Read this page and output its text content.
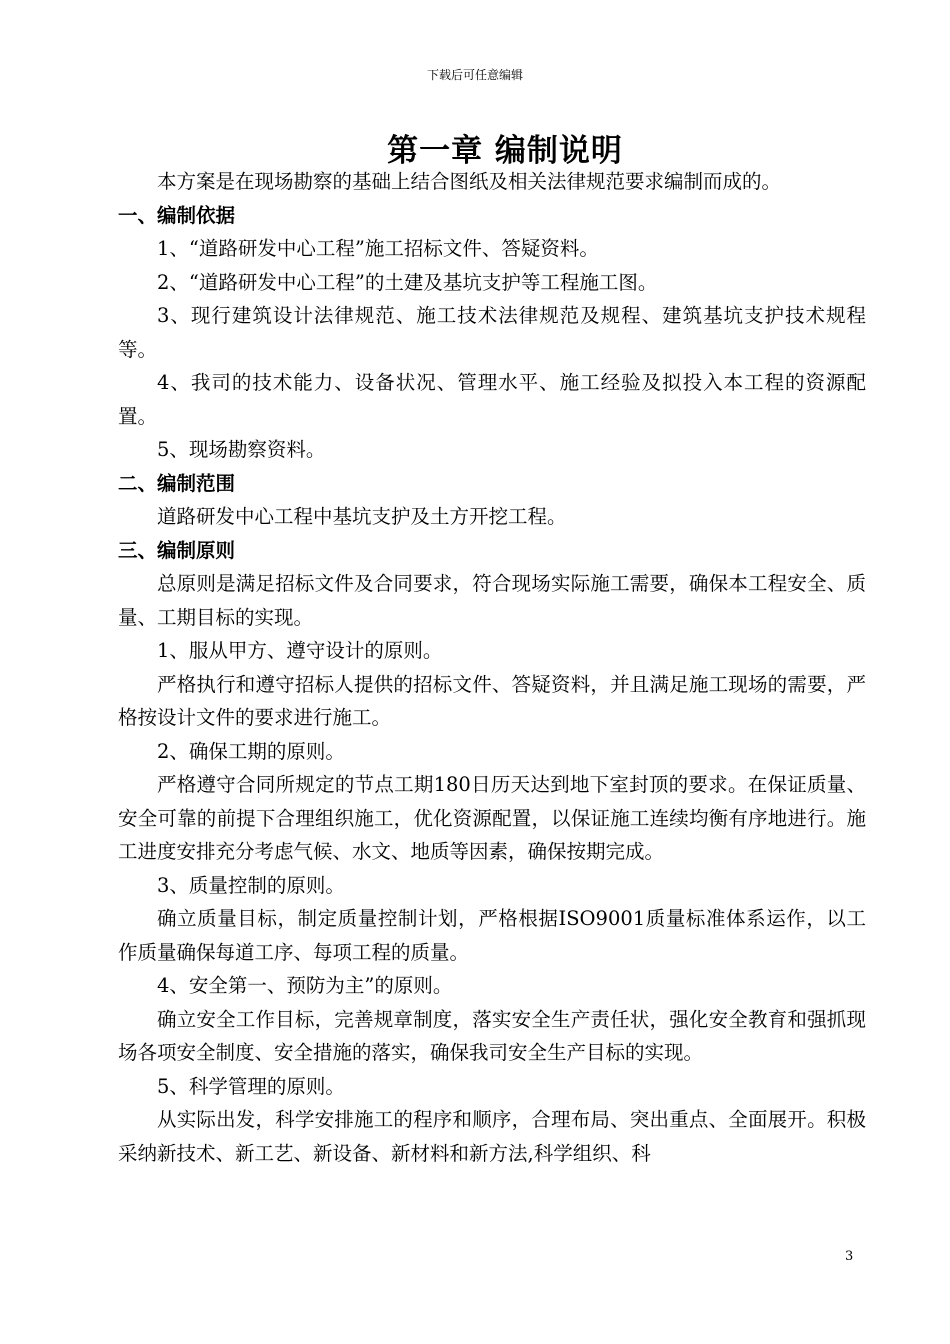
下载后可任意编辑
第一章 编制说明

本方案是在现场勘察的基础上结合图纸及相关法律规范要求编制而成的。

一、编制依据

1、“道路研发中心工程”施工招标文件、答疑资料。

2、“道路研发中心工程”的土建及基坑支护等工程施工图。

3、现行建筑设计法律规范、施工技术法律规范及规程、建筑基坑支护技术规程等。

4、我司的技术能力、设备状况、管理水平、施工经验及拟投入本工程的资源配置。

5、现场勘察资料。

二、编制范围

道路研发中心工程中基坑支护及土方开挖工程。

三、编制原则

总原则是满足招标文件及合同要求，符合现场实际施工需要，确保本工程安全、质量、工期目标的实现。

1、服从甲方、遵守设计的原则。

严格执行和遵守招标人提供的招标文件、答疑资料，并且满足施工现场的需要，严格按设计文件的要求进行施工。

2、确保工期的原则。

严格遵守合同所规定的节点工期180日历天达到地下室封顶的要求。在保证质量、安全可靠的前提下合理组织施工，优化资源配置，以保证施工连续均衡有序地进行。施工进度安排充分考虑气候、水文、地质等因素，确保按期完成。

3、质量控制的原则。

确立质量目标，制定质量控制计划，严格根据ISO9001质量标准体系运作，以工作质量确保每道工序、每项工程的质量。

4、安全第一、预防为主”的原则。

确立安全工作目标，完善规章制度，落实安全生产责任状，强化安全教育和强抓现场各项安全制度、安全措施的落实，确保我司安全生产目标的实现。

5、科学管理的原则。

从实际出发，科学安排施工的程序和顺序，合理布局、突出重点、全面展开。积极采纳新技术、新工艺、新设备、新材料和新方法,科学组织、科

3
